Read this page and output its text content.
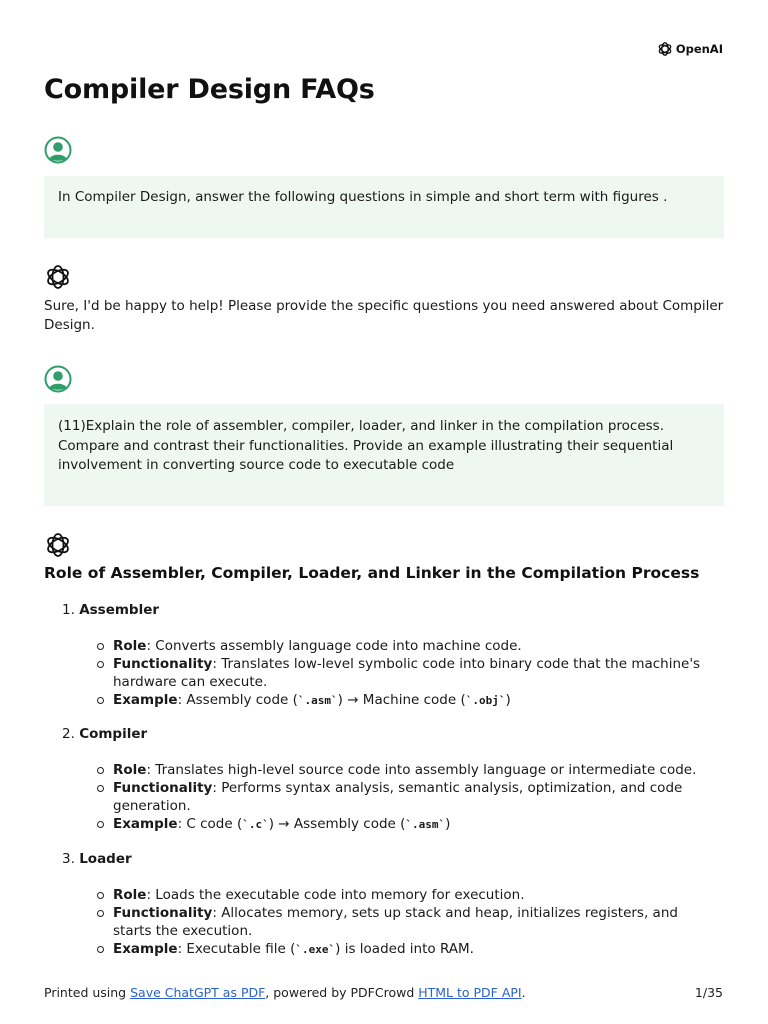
OpenAI
Compiler Design FAQs
In Compiler Design, answer the following questions in simple and short term with figures .
Sure, I'd be happy to help! Please provide the specific questions you need answered about Compiler Design.
(11)Explain the role of assembler, compiler, loader, and linker in the compilation process. Compare and contrast their functionalities. Provide an example illustrating their sequential involvement in converting source code to executable code
Role of Assembler, Compiler, Loader, and Linker in the Compilation Process
1. Assembler
Role: Converts assembly language code into machine code.
Functionality: Translates low-level symbolic code into binary code that the machine's hardware can execute.
Example: Assembly code (`.asm`) → Machine code (`.obj`)
2. Compiler
Role: Translates high-level source code into assembly language or intermediate code.
Functionality: Performs syntax analysis, semantic analysis, optimization, and code generation.
Example: C code (`.c`) → Assembly code (`.asm`)
3. Loader
Role: Loads the executable code into memory for execution.
Functionality: Allocates memory, sets up stack and heap, initializes registers, and starts the execution.
Example: Executable file (`.exe`) is loaded into RAM.
Printed using Save ChatGPT as PDF, powered by PDFCrowd HTML to PDF API.	1/35
